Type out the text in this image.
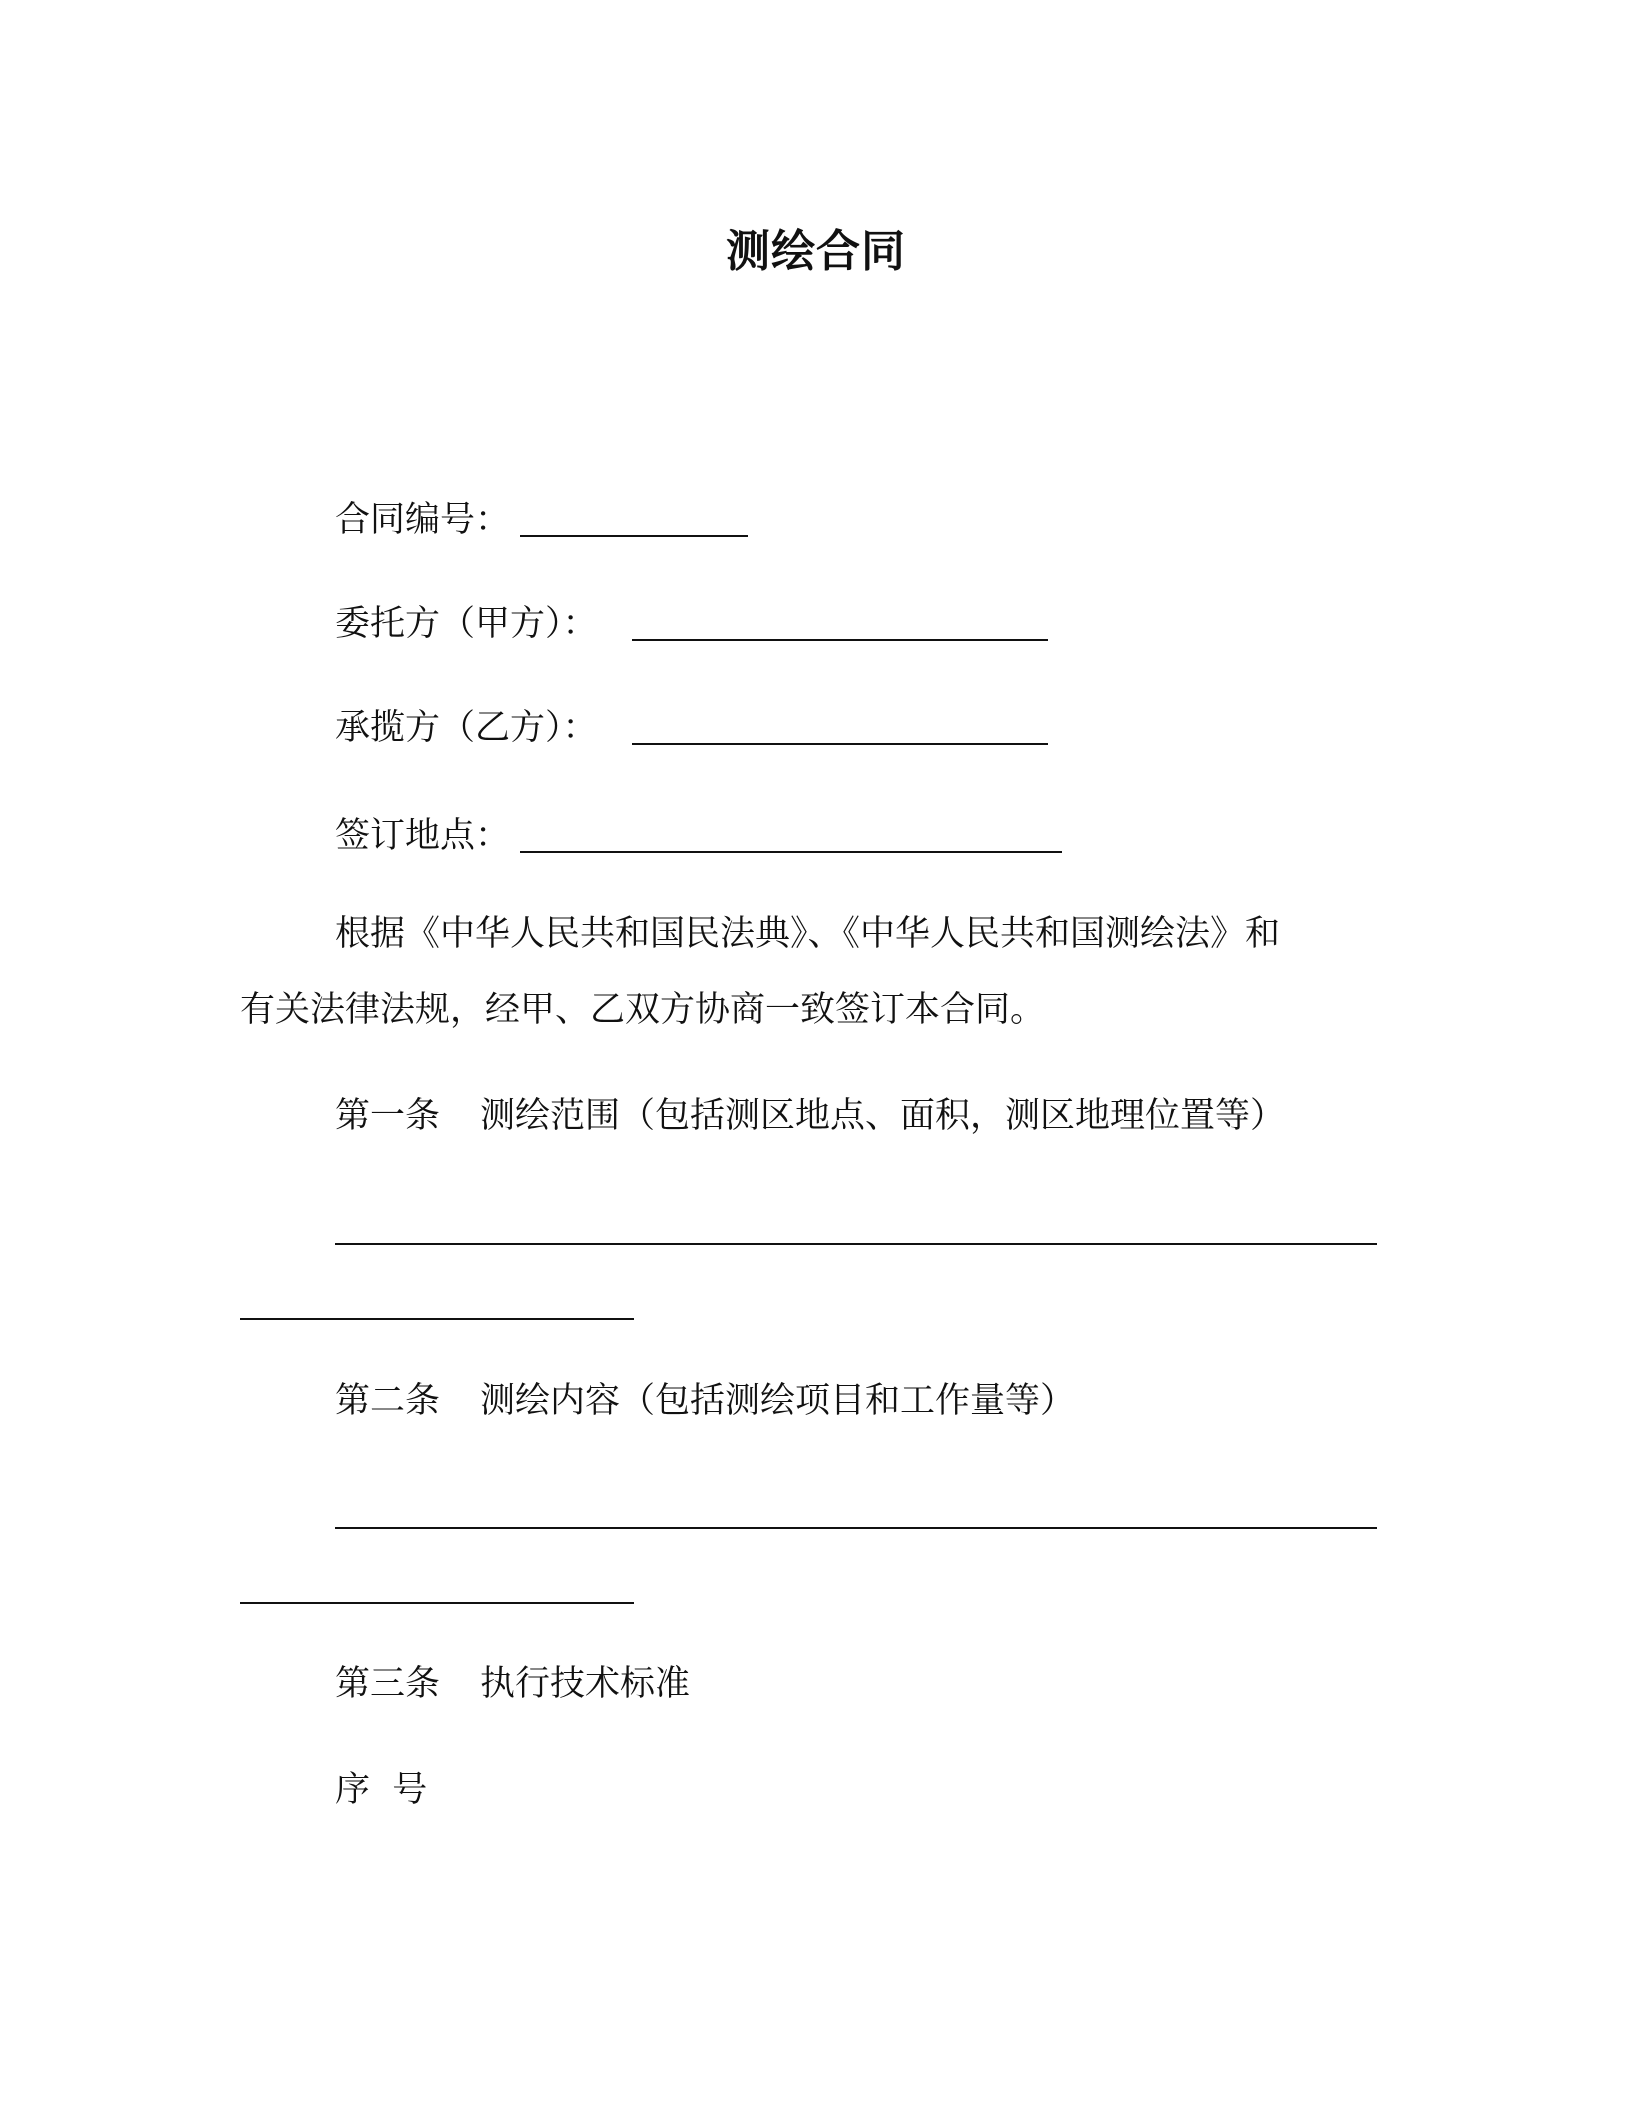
测绘合同
合同编号：
委托方（甲方）：
承揽方（乙方）：
签订地点：
根据《中华人民共和国民法典》、《中华人民共和国测绘法》和
有关法律法规，经甲、乙双方协商一致签订本合同。
第一条 测绘范围（包括测区地点、面积，测区地理位置等）
第二条 测绘内容（包括测绘项目和工作量等）
第三条 执行技术标准
序  号
